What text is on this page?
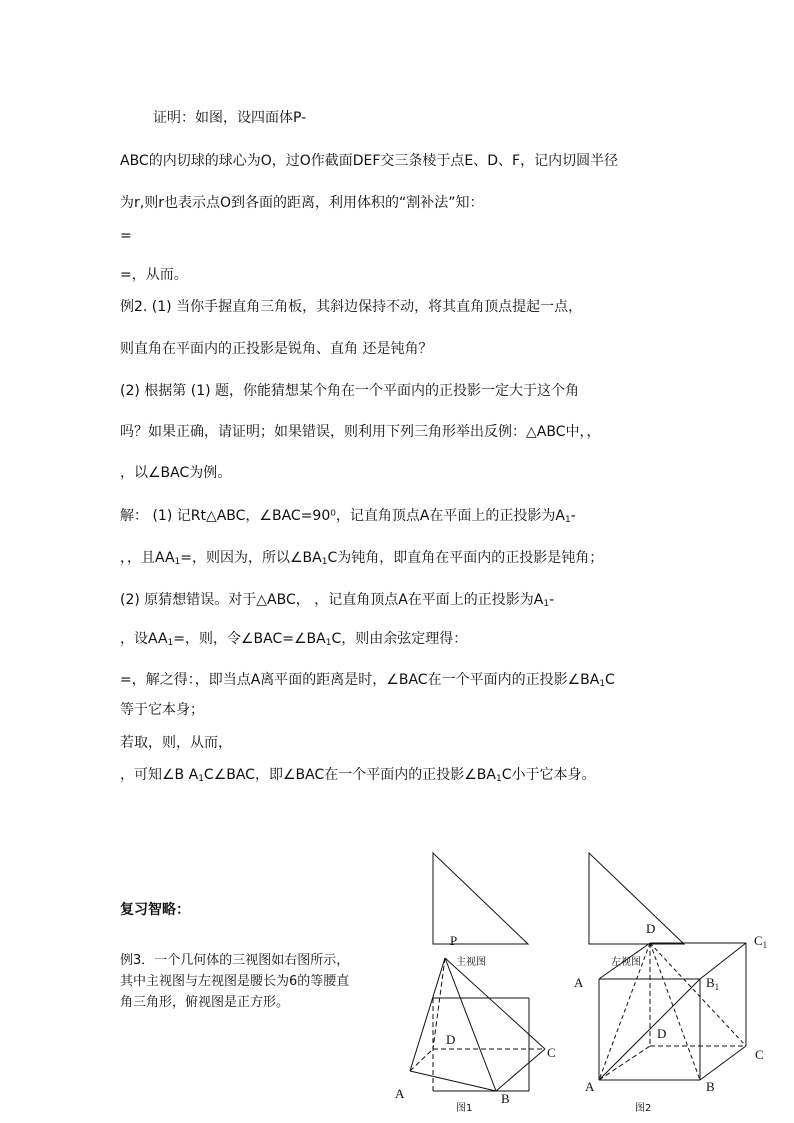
证明：如图，设四面体P-
ABC的内切球的球心为O，过O作截面DEF交三条棱于点E、D、F，记内切圆半径
为r,则r也表示点O到各面的距离，利用体积的“割补法”知：
=
=，从而。
例2. (1) 当你手握直角三角板，其斜边保持不动，将其直角顶点提起一点，
则直角在平面内的正投影是锐角、直角 还是钝角？
(2) 根据第 (1) 题，你能猜想某个角在一个平面内的正投影一定大于这个角
吗？如果正确，请证明；如果错误，则利用下列三角形举出反例：△ABC中，，
，以∠BAC为例。
解： (1) 记Rt△ABC，∠BAC=90⁰，记直角顶点A在平面上的正投影为$A_1-$
，，且$AA_1=$，则因为，所以$\angle BA_1C$为钝角，即直角在平面内的正投影是钝角；
(2) 原猜想错误。对于△ABC， ，记直角顶点A在平面上的正投影为$A_1-$
，设$AA_1=$，则，令$\angle BAC=\angle BA_1C$，则由余弦定理得：
=，解之得：，即当点A离平面的距离是时，∠BAC在一个平面内的正投影$\angle BA_1C$
等于它本身；
若取，则，从而，
，可知∠B $A_1C\angle BAC$，即∠BAC在一个平面内的正投影$\angle BA_1C$小于它本身。
复习智略：
例3．一个几何体的三视图如右图所示，
其中主视图与左视图是腰长为6的等腰直
角三角形，俯视图是正方形。
主视图	左视图
图1	图2
P
D
C
A	B
D
$C_1$
A	$B_1$
D
C
A	B
